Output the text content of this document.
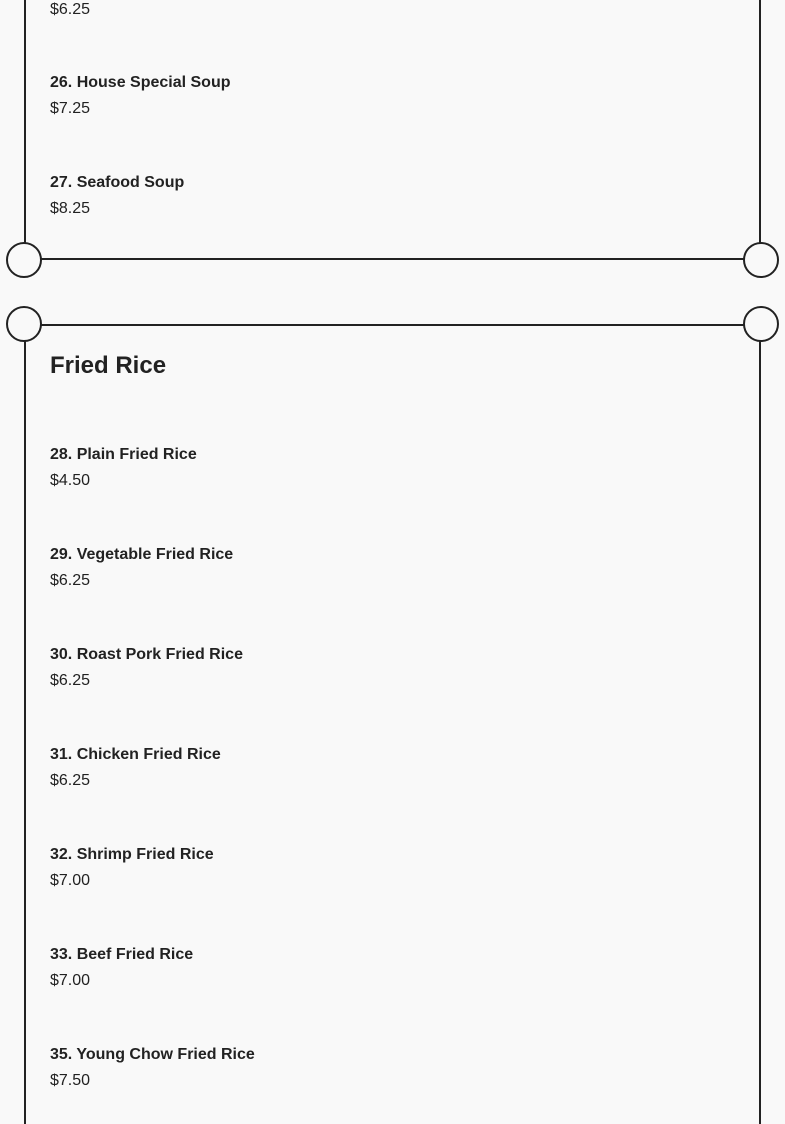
$6.25
26. House Special Soup
$7.25
27. Seafood Soup
$8.25
Fried Rice
28. Plain Fried Rice
$4.50
29. Vegetable Fried Rice
$6.25
30. Roast Pork Fried Rice
$6.25
31. Chicken Fried Rice
$6.25
32. Shrimp Fried Rice
$7.00
33. Beef Fried Rice
$7.00
35. Young Chow Fried Rice
$7.50
